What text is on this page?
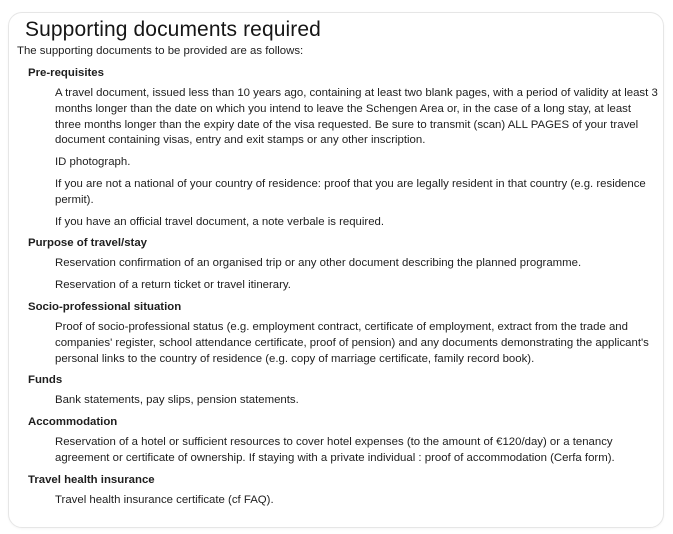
Supporting documents required
The supporting documents to be provided are as follows:
Pre-requisites
A travel document, issued less than 10 years ago, containing at least two blank pages, with a period of validity at least 3 months longer than the date on which you intend to leave the Schengen Area or, in the case of a long stay, at least three months longer than the expiry date of the visa requested. Be sure to transmit (scan) ALL PAGES of your travel document containing visas, entry and exit stamps or any other inscription.
ID photograph.
If you are not a national of your country of residence: proof that you are legally resident in that country (e.g. residence permit).
If you have an official travel document, a note verbale is required.
Purpose of travel/stay
Reservation confirmation of an organised trip or any other document describing the planned programme.
Reservation of a return ticket or travel itinerary.
Socio-professional situation
Proof of socio-professional status (e.g. employment contract, certificate of employment, extract from the trade and companies' register, school attendance certificate, proof of pension) and any documents demonstrating the applicant's personal links to the country of residence (e.g. copy of marriage certificate, family record book).
Funds
Bank statements, pay slips, pension statements.
Accommodation
Reservation of a hotel or sufficient resources to cover hotel expenses (to the amount of €120/day) or a tenancy agreement or certificate of ownership. If staying with a private individual : proof of accommodation (Cerfa form).
Travel health insurance
Travel health insurance certificate (cf FAQ).
